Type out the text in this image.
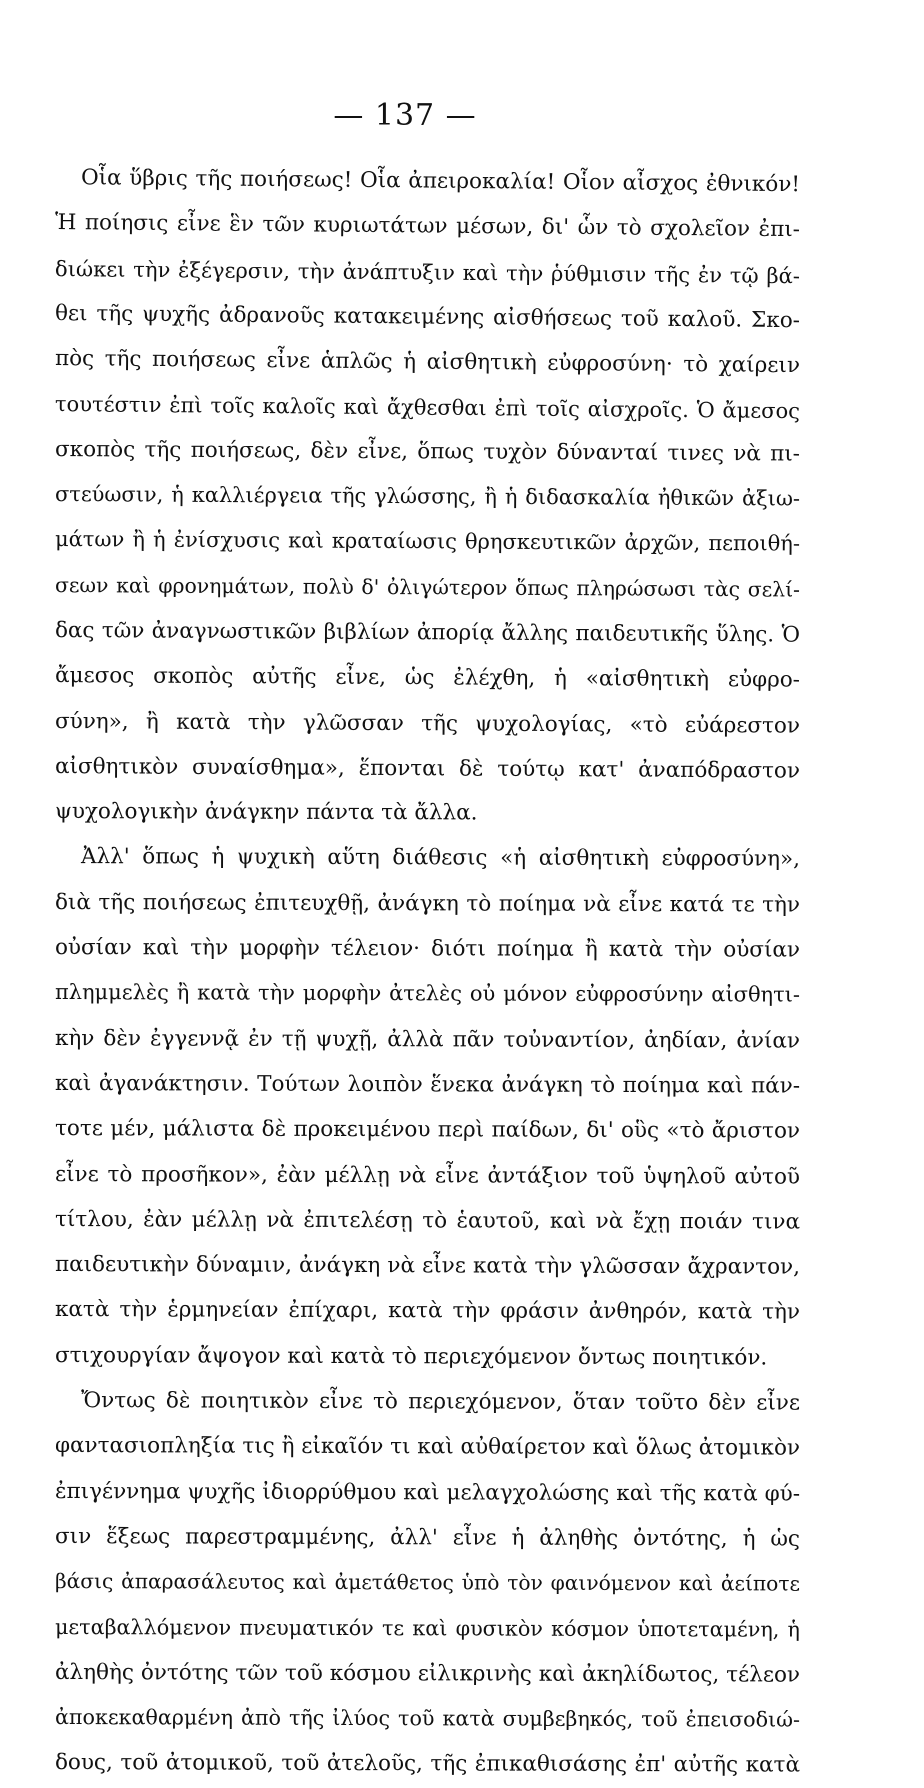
— 137 —
Οἷα ὕβρις τῆς ποιήσεως! Οἷα ἀπειροκαλία! Οἷον αἶσχος ἐθνικόν!
Ἡ ποίησις εἶνε ἓν τῶν κυριωτάτων μέσων, δι' ὧν τὸ σχολεῖον ἐπι-
διώκει τὴν ἐξέγερσιν, τὴν ἀνάπτυξιν καὶ τὴν ῥύθμισιν τῆς ἐν τῷ βά-
θει τῆς ψυχῆς ἀδρανοῦς κατακειμένης αἰσθήσεως τοῦ καλοῦ. Σκο-
πὸς τῆς ποιήσεως εἶνε ἁπλῶς ἡ αἰσθητικὴ εὐφροσύνη· τὸ χαίρειν
τουτέστιν ἐπὶ τοῖς καλοῖς καὶ ἄχθεσθαι ἐπὶ τοῖς αἰσχροῖς. Ὁ ἄμεσος
σκοπὸς τῆς ποιήσεως, δὲν εἶνε, ὅπως τυχὸν δύνανταί τινες νὰ πι-
στεύωσιν, ἡ καλλιέργεια τῆς γλώσσης, ἢ ἡ διδασκαλία ἠθικῶν ἀξιω-
μάτων ἢ ἡ ἐνίσχυσις καὶ κραταίωσις θρησκευτικῶν ἀρχῶν, πεποιθή-
σεων καὶ φρονημάτων, πολὺ δ' ὀλιγώτερον ὅπως πληρώσωσι τὰς σελί-
δας τῶν ἀναγνωστικῶν βιβλίων ἀπορίᾳ ἄλλης παιδευτικῆς ὕλης. Ὁ
ἄμεσος σκοπὸς αὐτῆς εἶνε, ὡς ἐλέχθη, ἡ «αἰσθητικὴ εὐφρο-
σύνη», ἢ κατὰ τὴν γλῶσσαν τῆς ψυχολογίας, «τὸ εὐάρεστον
αἰσθητικὸν συναίσθημα», ἕπονται δὲ τούτῳ κατ' ἀναπόδραστον
ψυχολογικὴν ἀνάγκην πάντα τὰ ἄλλα.
Ἀλλ' ὅπως ἡ ψυχικὴ αὕτη διάθεσις «ἡ αἰσθητικὴ εὐφροσύνη»,
διὰ τῆς ποιήσεως ἐπιτευχθῇ, ἀνάγκη τὸ ποίημα νὰ εἶνε κατά τε τὴν
οὐσίαν καὶ τὴν μορφὴν τέλειον· διότι ποίημα ἢ κατὰ τὴν οὐσίαν
πλημμελὲς ἢ κατὰ τὴν μορφὴν ἀτελὲς οὐ μόνον εὐφροσύνην αἰσθητι-
κὴν δὲν ἐγγεννᾷ ἐν τῇ ψυχῇ, ἀλλὰ πᾶν τοὐναντίον, ἀηδίαν, ἀνίαν
καὶ ἀγανάκτησιν. Τούτων λοιπὸν ἕνεκα ἀνάγκη τὸ ποίημα καὶ πάν-
τοτε μέν, μάλιστα δὲ προκειμένου περὶ παίδων, δι' οὓς «τὸ ἄριστον
εἶνε τὸ προσῆκον», ἐὰν μέλλῃ νὰ εἶνε ἀντάξιον τοῦ ὑψηλοῦ αὐτοῦ
τίτλου, ἐὰν μέλλῃ νὰ ἐπιτελέσῃ τὸ ἑαυτοῦ, καὶ νὰ ἔχῃ ποιάν τινα
παιδευτικὴν δύναμιν, ἀνάγκη νὰ εἶνε κατὰ τὴν γλῶσσαν ἄχραντον,
κατὰ τὴν ἑρμηνείαν ἐπίχαρι, κατὰ τὴν φράσιν ἀνθηρόν, κατὰ τὴν
στιχουργίαν ἄψογον καὶ κατὰ τὸ περιεχόμενον ὄντως ποιητικόν.
Ὄντως δὲ ποιητικὸν εἶνε τὸ περιεχόμενον, ὅταν τοῦτο δὲν εἶνε
φαντασιοπληξία τις ἢ εἰκαῖόν τι καὶ αὐθαίρετον καὶ ὅλως ἀτομικὸν
ἐπιγέννημα ψυχῆς ἰδιορρύθμου καὶ μελαγχολώσης καὶ τῆς κατὰ φύ-
σιν ἕξεως παρεστραμμένης, ἀλλ' εἶνε ἡ ἀληθὴς ὀντότης, ἡ ὡς
βάσις ἀπαρασάλευτος καὶ ἀμετάθετος ὑπὸ τὸν φαινόμενον καὶ ἀείποτε
μεταβαλλόμενον πνευματικόν τε καὶ φυσικὸν κόσμον ὑποτεταμένη, ἡ
ἀληθὴς ὀντότης τῶν τοῦ κόσμου εἰλικρινὴς καὶ ἀκηλίδωτος, τέλεον
ἀποκεκαθαρμένη ἀπὸ τῆς ἰλύος τοῦ κατὰ συμβεβηκός, τοῦ ἐπεισοδιώ-
δους, τοῦ ἀτομικοῦ, τοῦ ἀτελοῦς, τῆς ἐπικαθισάσης ἐπ' αὐτῆς κατὰ
